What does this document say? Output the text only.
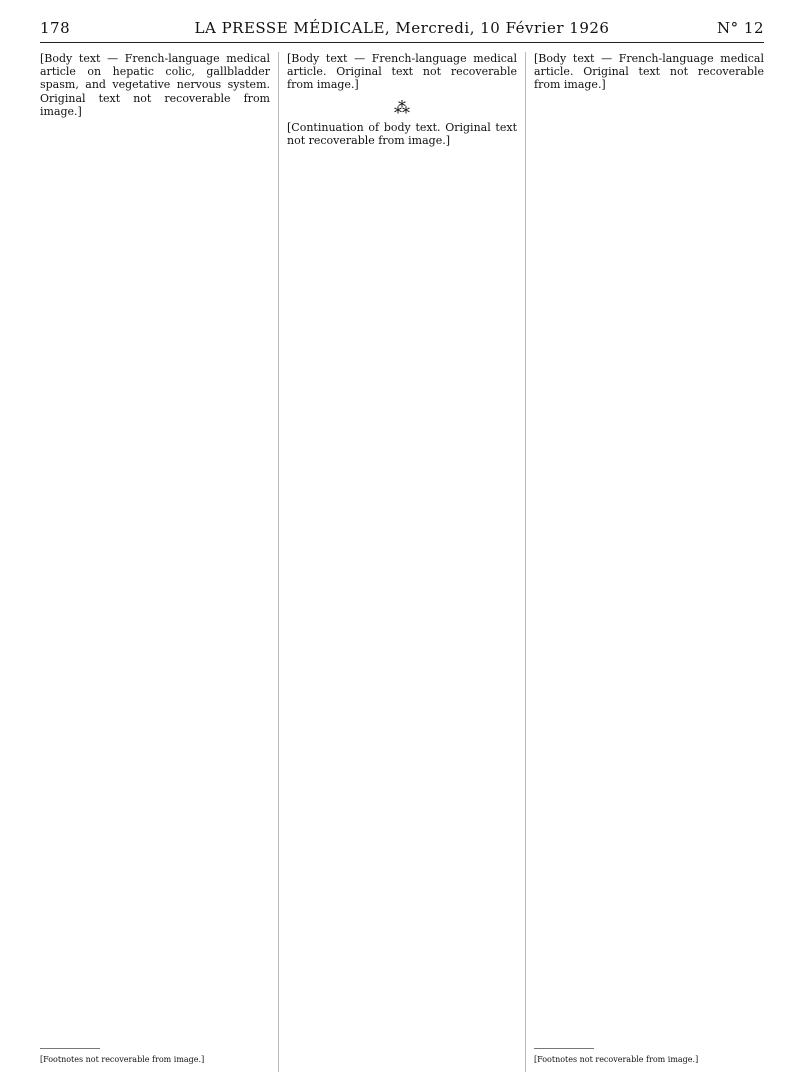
178	LA PRESSE MÉDICALE, Mercredi, 10 Février 1926	N° 12

[Body text — French-language medical article on hepatic colic, gallbladder spasm, and vegetative nervous system. Original text not recoverable from image.]

[Footnotes not recoverable from image.]

[Body text — French-language medical article. Original text not recoverable from image.]

⁂

[Continuation of body text. Original text not recoverable from image.]

[Body text — French-language medical article. Original text not recoverable from image.]

[Footnotes not recoverable from image.]
